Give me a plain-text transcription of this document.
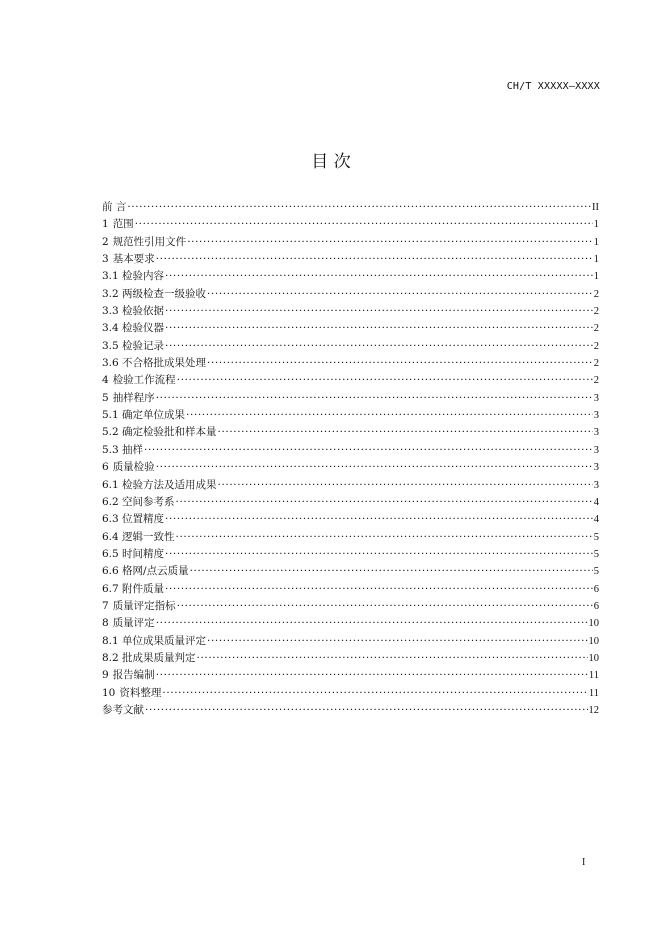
CH/T XXXXX—XXXX
目 次
前 言 ·····	II
1 范围 ·····	1
2 规范性引用文件 ·····	1
3 基本要求 ·····	1
3.1 检验内容 ·····	1
3.2 两级检查一级验收 ·····	2
3.3 检验依据 ·····	2
3.4 检验仪器 ·····	2
3.5 检验记录 ·····	2
3.6 不合格批成果处理 ·····	2
4 检验工作流程 ·····	2
5 抽样程序 ·····	3
5.1 确定单位成果 ·····	3
5.2 确定检验批和样本量 ·····	3
5.3 抽样 ·····	3
6 质量检验 ·····	3
6.1 检验方法及适用成果 ·····	3
6.2 空间参考系 ·····	4
6.3 位置精度 ·····	4
6.4 逻辑一致性 ·····	5
6.5 时间精度 ·····	5
6.6 格网/点云质量 ·····	5
6.7 附件质量 ·····	6
7 质量评定指标 ·····	6
8 质量评定 ·····	10
8.1 单位成果质量评定 ·····	10
8.2 批成果质量判定 ·····	10
9 报告编制 ·····	11
10 资料整理 ·····	11
参考文献 ·····	12
I
